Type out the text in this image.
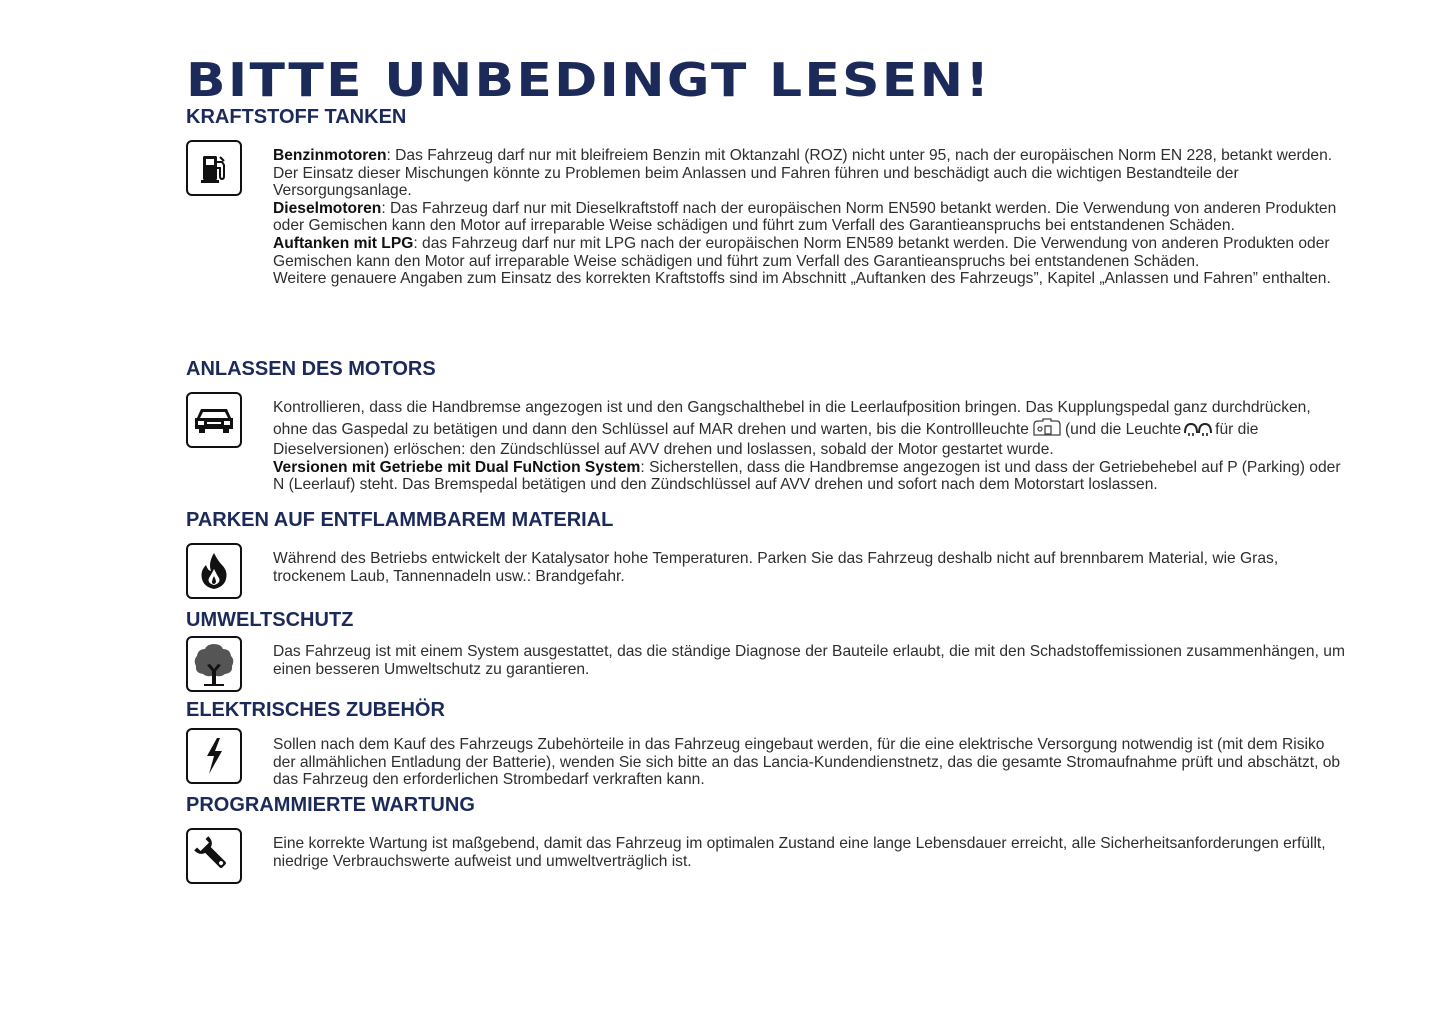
BITTE UNBEDINGT LESEN!
KRAFTSTOFF TANKEN

Benzinmotoren: Das Fahrzeug darf nur mit bleifreiem Benzin mit Oktanzahl (ROZ) nicht unter 95, nach der europäischen Norm EN 228, betankt werden. Der Einsatz dieser Mischungen könnte zu Problemen beim Anlassen und Fahren führen und beschädigt auch die wichtigen Bestandteile der Versorgungsanlage.

Dieselmotoren: Das Fahrzeug darf nur mit Dieselkraftstoff nach der europäischen Norm EN590 betankt werden. Die Verwendung von anderen Produkten oder Gemischen kann den Motor auf irreparable Weise schädigen und führt zum Verfall des Garantieanspruchs bei entstandenen Schäden.

Auftanken mit LPG: das Fahrzeug darf nur mit LPG nach der europäischen Norm EN589 betankt werden. Die Verwendung von anderen Produkten oder Gemischen kann den Motor auf irreparable Weise schädigen und führt zum Verfall des Garantieanspruchs bei entstandenen Schäden.

Weitere genauere Angaben zum Einsatz des korrekten Kraftstoffs sind im Abschnitt „Auftanken des Fahrzeugs”, Kapitel „Anlassen und Fahren” enthalten.

ANLASSEN DES MOTORS

Kontrollieren, dass die Handbremse angezogen ist und den Gangschalthebel in die Leerlaufposition bringen. Das Kupplungspedal ganz durchdrücken, ohne das Gaspedal zu betätigen und dann den Schlüssel auf MAR drehen und warten, bis die Kontrollleuchte (und die Leuchte für die Dieselversionen) erlöschen: den Zündschlüssel auf AVV drehen und loslassen, sobald der Motor gestartet wurde.

Versionen mit Getriebe mit Dual FuNction System: Sicherstellen, dass die Handbremse angezogen ist und dass der Getriebehebel auf P (Parking) oder N (Leerlauf) steht. Das Bremspedal betätigen und den Zündschlüssel auf AVV drehen und sofort nach dem Motorstart loslassen.

PARKEN AUF ENTFLAMMBAREM MATERIAL

Während des Betriebs entwickelt der Katalysator hohe Temperaturen. Parken Sie das Fahrzeug deshalb nicht auf brennbarem Material, wie Gras, trockenem Laub, Tannennadeln usw.: Brandgefahr.

UMWELTSCHUTZ

Das Fahrzeug ist mit einem System ausgestattet, das die ständige Diagnose der Bauteile erlaubt, die mit den Schadstoffemissionen zusammenhängen, um einen besseren Umweltschutz zu garantieren.

ELEKTRISCHES ZUBEHÖR

Sollen nach dem Kauf des Fahrzeugs Zubehörteile in das Fahrzeug eingebaut werden, für die eine elektrische Versorgung notwendig ist (mit dem Risiko der allmählichen Entladung der Batterie), wenden Sie sich bitte an das Lancia-Kundendienstnetz, das die gesamte Stromaufnahme prüft und abschätzt, ob das Fahrzeug den erforderlichen Strombedarf verkraften kann.

PROGRAMMIERTE WARTUNG

Eine korrekte Wartung ist maßgebend, damit das Fahrzeug im optimalen Zustand eine lange Lebensdauer erreicht, alle Sicherheitsanforderungen erfüllt, niedrige Verbrauchswerte aufweist und umweltverträglich ist.
